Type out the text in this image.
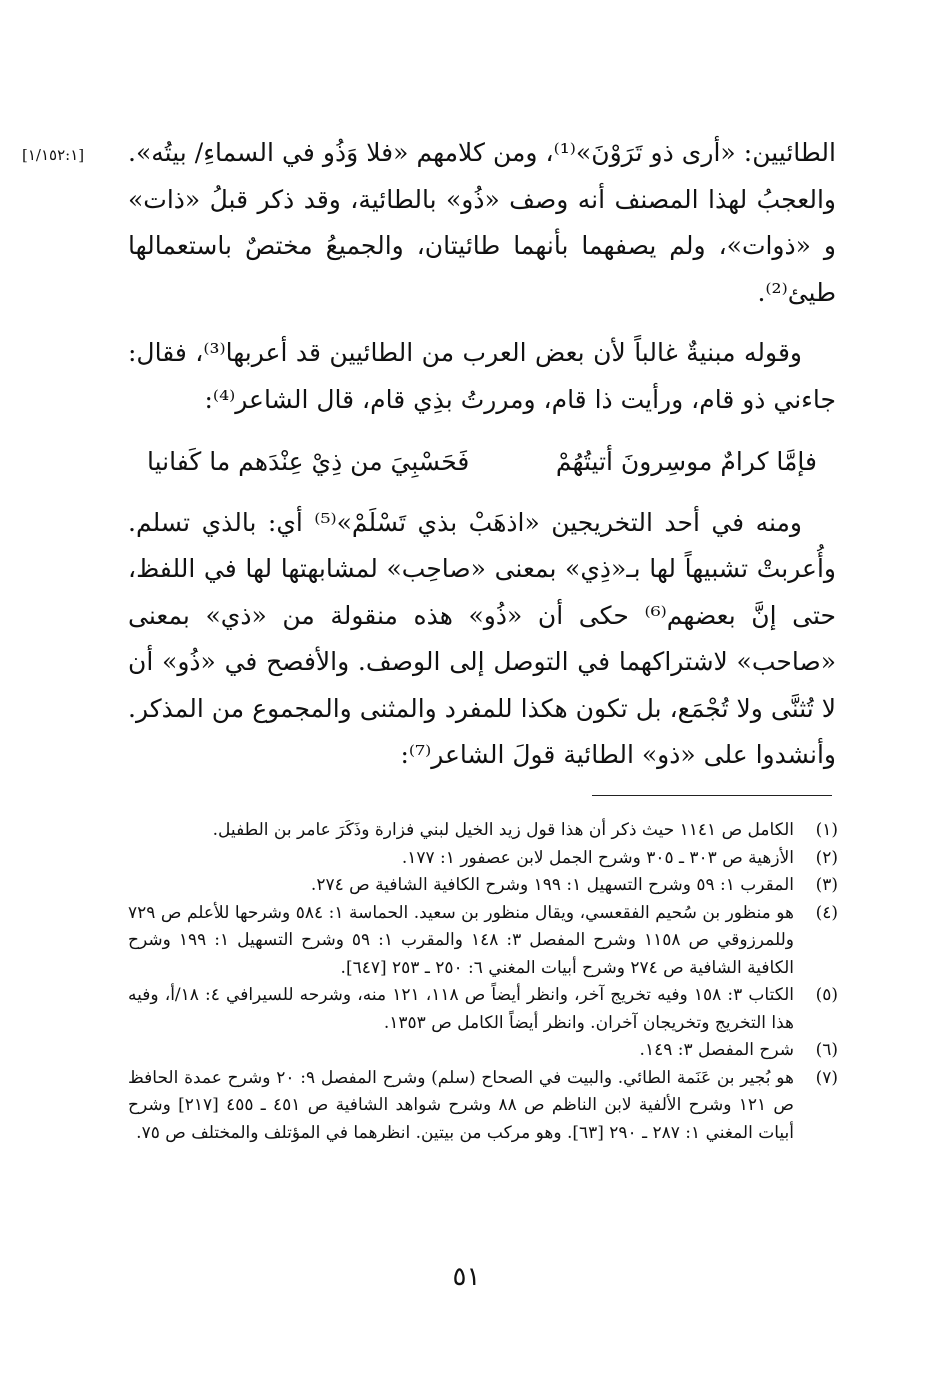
[١/١٥٢:١]	الطائيين: «أرى ذو تَرَوْنَ»⁽¹⁾، ومن كلامهم «فلا وَذُو في السماءِ/ بيتُه». والعجبُ لهذا المصنف أنه وصف «ذُو» بالطائية، وقد ذكر قبلُ «ذات» و «ذوات»، ولم يصفهما بأنهما طائيتان، والجميعُ مختصٌ باستعمالها طيئ⁽²⁾.

وقوله مبنيةٌ غالباً لأن بعض العرب من الطائيين قد أعربها⁽³⁾، فقال: جاءني ذو قام، ورأيت ذا قام، ومررتُ بذِي قام، قال الشاعر⁽⁴⁾:

فإمَّا كرامٌ موسِرونَ أتيتُهُمْ
فَحَسْبِيَ من ذِيْ عِنْدَهم ما كَفانيا

ومنه في أحد التخريجين «اذهَبْ بذي تَسْلَمْ»⁽⁵⁾ أي: بالذي تسلم. وأُعربتْ تشبيهاً لها بـ«ذِي» بمعنى «صاحِب» لمشابهتها لها في اللفظ، حتى إنَّ بعضهم⁽⁶⁾ حكى أن «ذُو» هذه منقولة من «ذي» بمعنى «صاحب» لاشتراكهما في التوصل إلى الوصف. والأفصح في «ذُو» أن لا تُثنَّى ولا تُجْمَع، بل تكون هكذا للمفرد والمثنى والمجموع من المذكر. وأنشدوا على «ذو» الطائية قولَ الشاعر⁽⁷⁾:

(١)
الكامل ص ١١٤١ حيث ذكر أن هذا قول زيد الخيل لبني فزارة وذَكَرَ عامر بن الطفيل.
(٢)
الأزهية ص ٣٠٣ ـ ٣٠٥ وشرح الجمل لابن عصفور ١: ١٧٧.
(٣)
المقرب ١: ٥٩ وشرح التسهيل ١: ١٩٩ وشرح الكافية الشافية ص ٢٧٤.
(٤)
هو منظور بن سُحيم الفقعسي، ويقال منظور بن سعيد. الحماسة ١: ٥٨٤ وشرحها للأعلم ص ٧٢٩ وللمرزوقي ص ١١٥٨ وشرح المفصل ٣: ١٤٨ والمقرب ١: ٥٩ وشرح التسهيل ١: ١٩٩ وشرح الكافية الشافية ص ٢٧٤ وشرح أبيات المغني ٦: ٢٥٠ ـ ٢٥٣ [٦٤٧].
(٥)
الكتاب ٣: ١٥٨ وفيه تخريج آخر، وانظر أيضاً ص ١١٨، ١٢١ منه، وشرحه للسيرافي ٤: ١٨/أ، وفيه هذا التخريج وتخريجان آخران. وانظر أيضاً الكامل ص ١٣٥٣.
(٦)
شرح المفصل ٣: ١٤٩.
(٧)
هو بُجير بن عَنَمة الطائي. والبيت في الصحاح (سلم) وشرح المفصل ٩: ٢٠ وشرح عمدة الحافظ ص ١٢١ وشرح الألفية لابن الناظم ص ٨٨ وشرح شواهد الشافية ص ٤٥١ ـ ٤٥٥ [٢١٧] وشرح أبيات المغني ١: ٢٨٧ ـ ٢٩٠ [٦٣]. وهو مركب من بيتين. انظرهما في المؤتلف والمختلف ص ٧٥.
٥١
